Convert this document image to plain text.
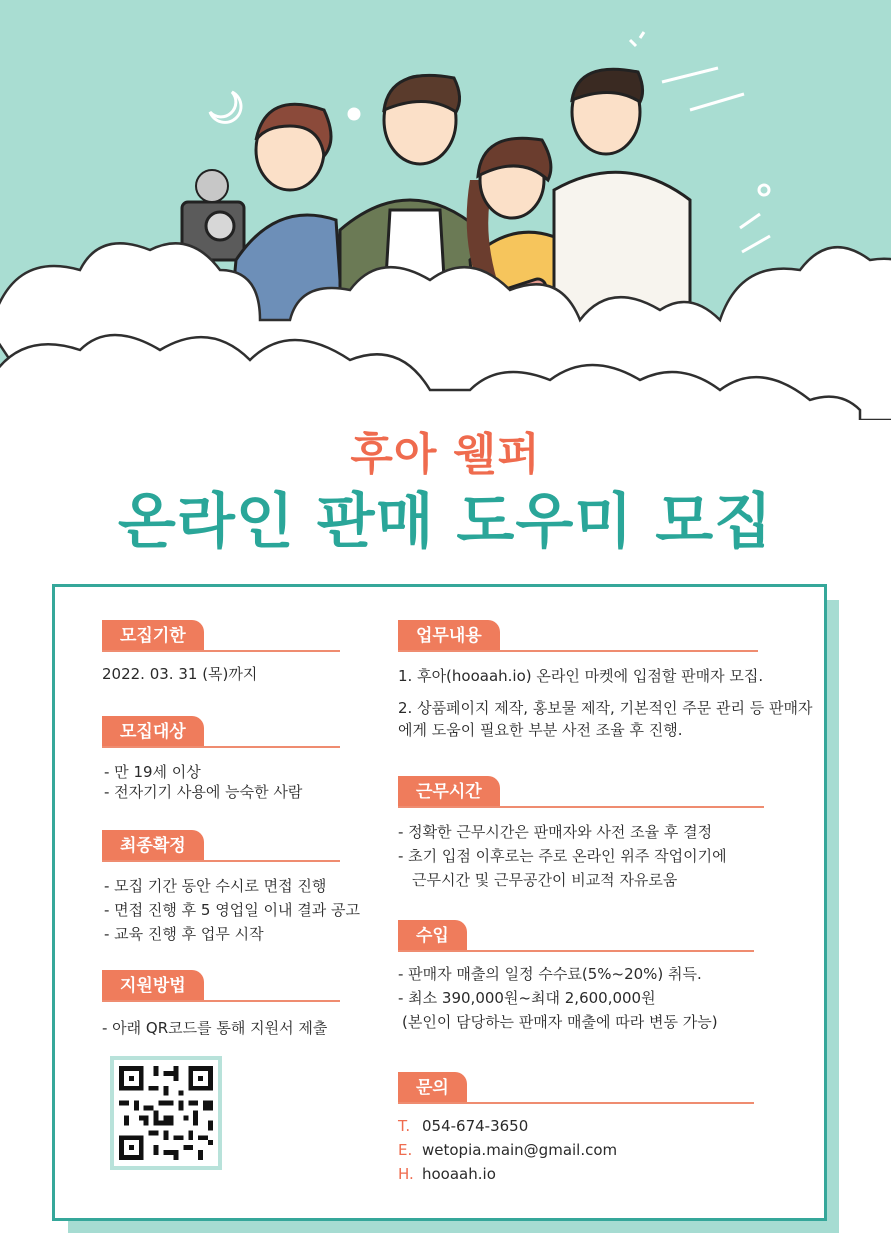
후아 웰퍼
온라인 판매 도우미 모집
모집기한
2022. 03. 31 (목)까지
모집대상
- 만 19세 이상
- 전자기기 사용에 능숙한 사람
최종확정
- 모집 기간 동안 수시로 면접 진행
- 면접 진행 후 5 영업일 이내 결과 공고
- 교육 진행 후 업무 시작
지원방법
- 아래 QR코드를 통해 지원서 제출
업무내용
1. 후아(hooaah.io) 온라인 마켓에 입점할 판매자 모집.
2. 상품페이지 제작, 홍보물 제작, 기본적인 주문 관리 등 판매자
에게 도움이 필요한 부분 사전 조율 후 진행.
근무시간
- 정확한 근무시간은 판매자와 사전 조율 후 결정
- 초기 입점 이후로는 주로 온라인 위주 작업이기에
근무시간 및 근무공간이 비교적 자유로움
수입
- 판매자 매출의 일정 수수료(5%~20%) 취득.
- 최소 390,000원~최대 2,600,000원
(본인이 담당하는 판매자 매출에 따라 변동 가능)
문의
T. 054-674-3650
E. wetopia.main@gmail.com
H. hooaah.io
